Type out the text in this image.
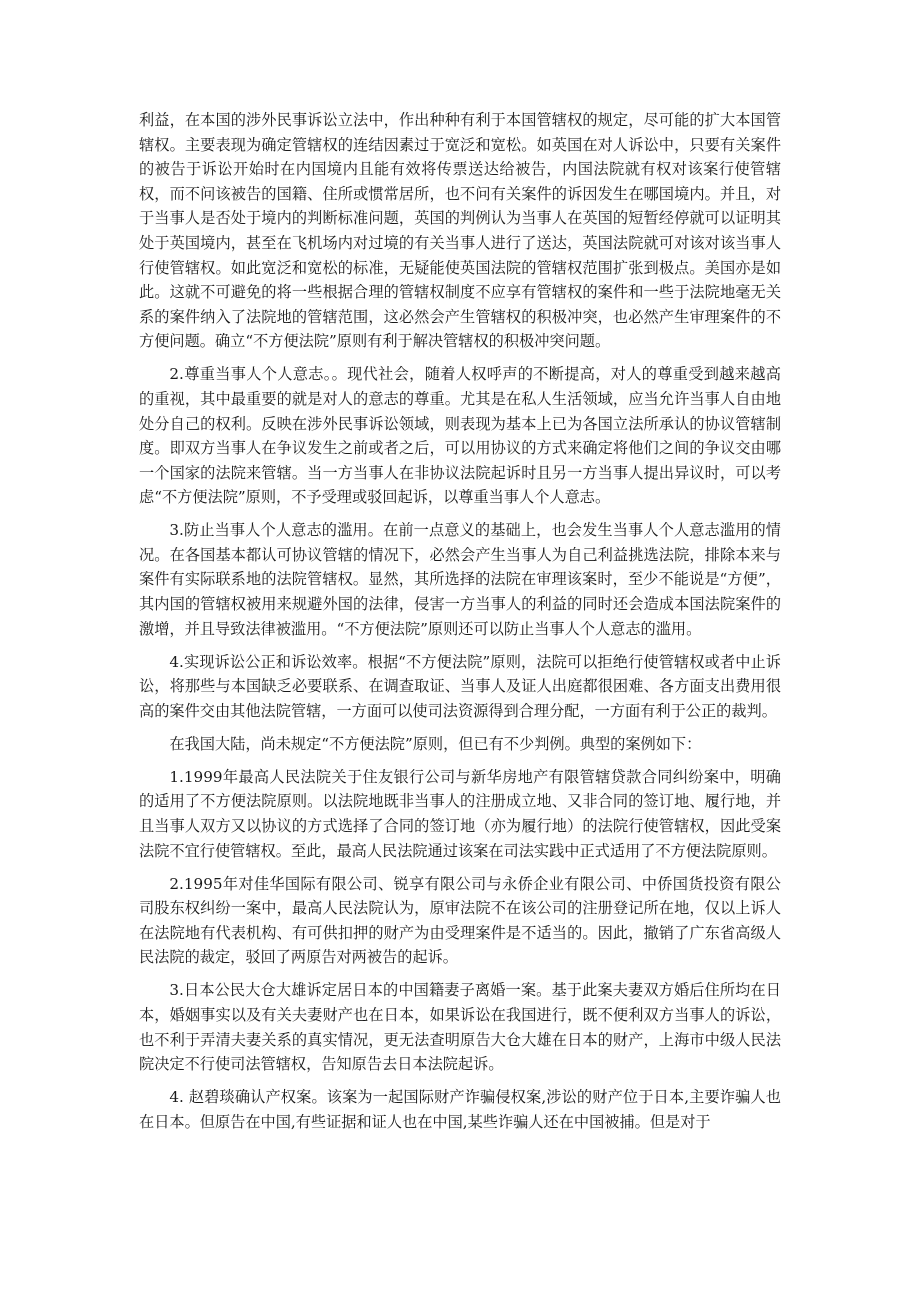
利益，在本国的涉外民事诉讼立法中，作出种种有利于本国管辖权的规定，尽可能的扩大本国管辖权。主要表现为确定管辖权的连结因素过于宽泛和宽松。如英国在对人诉讼中，只要有关案件的被告于诉讼开始时在内国境内且能有效将传票送达给被告，内国法院就有权对该案行使管辖权，而不问该被告的国籍、住所或惯常居所，也不问有关案件的诉因发生在哪国境内。并且，对于当事人是否处于境内的判断标准问题，英国的判例认为当事人在英国的短暂经停就可以证明其处于英国境内，甚至在飞机场内对过境的有关当事人进行了送达，英国法院就可对该对该当事人行使管辖权。如此宽泛和宽松的标准，无疑能使英国法院的管辖权范围扩张到极点。美国亦是如此。这就不可避免的将一些根据合理的管辖权制度不应享有管辖权的案件和一些于法院地毫无关系的案件纳入了法院地的管辖范围，这必然会产生管辖权的积极冲突，也必然产生审理案件的不方便问题。确立“不方便法院”原则有利于解决管辖权的积极冲突问题。

2.尊重当事人个人意志。。现代社会，随着人权呼声的不断提高，对人的尊重受到越来越高的重视，其中最重要的就是对人的意志的尊重。尤其是在私人生活领域，应当允许当事人自由地处分自己的权利。反映在涉外民事诉讼领域，则表现为基本上已为各国立法所承认的协议管辖制度。即双方当事人在争议发生之前或者之后，可以用协议的方式来确定将他们之间的争议交由哪一个国家的法院来管辖。当一方当事人在非协议法院起诉时且另一方当事人提出异议时，可以考虑“不方便法院”原则，不予受理或驳回起诉，以尊重当事人个人意志。

3.防止当事人个人意志的滥用。在前一点意义的基础上，也会发生当事人个人意志滥用的情况。在各国基本都认可协议管辖的情况下，必然会产生当事人为自己利益挑选法院，排除本来与案件有实际联系地的法院管辖权。显然，其所选择的法院在审理该案时，至少不能说是“方便”，其内国的管辖权被用来规避外国的法律，侵害一方当事人的利益的同时还会造成本国法院案件的激增，并且导致法律被滥用。“不方便法院”原则还可以防止当事人个人意志的滥用。

4.实现诉讼公正和诉讼效率。根据“不方便法院”原则，法院可以拒绝行使管辖权或者中止诉讼，将那些与本国缺乏必要联系、在调查取证、当事人及证人出庭都很困难、各方面支出费用很高的案件交由其他法院管辖，一方面可以使司法资源得到合理分配，一方面有利于公正的裁判。

在我国大陆，尚未规定“不方便法院”原则，但已有不少判例。典型的案例如下：

1.1999年最高人民法院关于住友银行公司与新华房地产有限管辖贷款合同纠纷案中，明确的适用了不方便法院原则。以法院地既非当事人的注册成立地、又非合同的签订地、履行地，并且当事人双方又以协议的方式选择了合同的签订地（亦为履行地）的法院行使管辖权，因此受案法院不宜行使管辖权。至此，最高人民法院通过该案在司法实践中正式适用了不方便法院原则。

2.1995年对佳华国际有限公司、锐享有限公司与永侨企业有限公司、中侨国货投资有限公司股东权纠纷一案中，最高人民法院认为，原审法院不在该公司的注册登记所在地，仅以上诉人在法院地有代表机构、有可供扣押的财产为由受理案件是不适当的。因此，撤销了广东省高级人民法院的裁定，驳回了两原告对两被告的起诉。

3.日本公民大仓大雄诉定居日本的中国籍妻子离婚一案。基于此案夫妻双方婚后住所均在日本，婚姻事实以及有关夫妻财产也在日本，如果诉讼在我国进行，既不便利双方当事人的诉讼，也不利于弄清夫妻关系的真实情况，更无法查明原告大仓大雄在日本的财产，上海市中级人民法院决定不行使司法管辖权，告知原告去日本法院起诉。

4. 赵碧琰确认产权案。该案为一起国际财产诈骗侵权案,涉讼的财产位于日本,主要诈骗人也在日本。但原告在中国,有些证据和证人也在中国,某些诈骗人还在中国被捕。但是对于
